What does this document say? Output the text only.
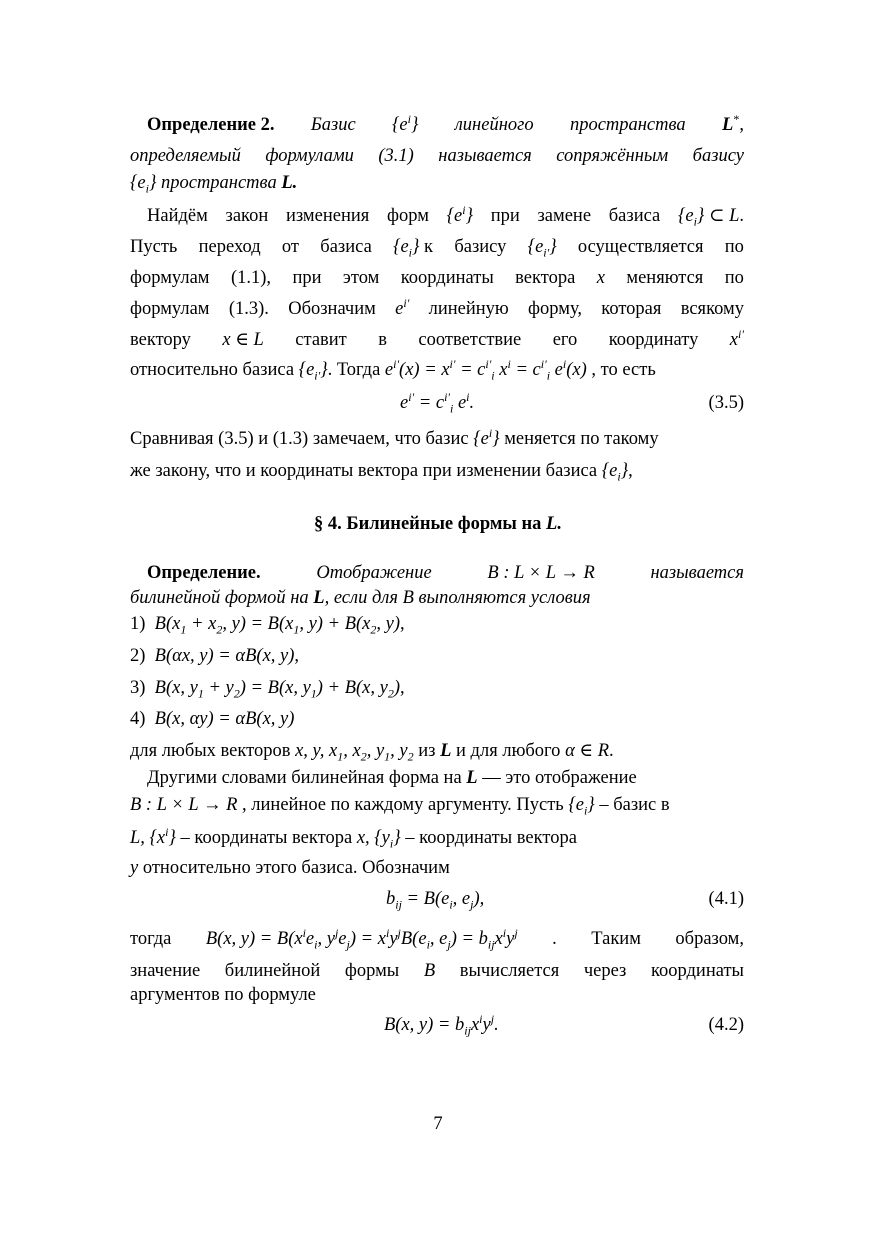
Определение 2. Базис $\{e^i\}$ линейного пространства L*,
определяемый формулами (3.1) называется сопряжённым базису
$\{e_i\}$ пространства L.
Найдём закон изменения форм $\{e^i\}$ при замене базиса $\{e_i\}$ ⊂ L.
Пусть переход от базиса $\{e_i\}$ к базису $\{e_{i'}\}$ осуществляется по
формулам (1.1), при этом координаты вектора x меняются по
формулам (1.3). Обозначим $e^{i'}$ линейную форму, которая всякому
вектору x ∈ L ставит в соответствие его координату $x^{i'}$
относительно базиса $\{e_{i'}\}$. Тогда $e^{i'}(x) = x^{i'} = c^{i'}_i$ $x^i = c^{i'}_i$ $e^i(x)$ , то есть
$e^{i'} = c^{i'}_i$ $e^i$.	(3.5)
Сравнивая (3.5) и (1.3) замечаем, что базис $\{e^i\}$ меняется по такому
же закону, что и координаты вектора при изменении базиса $\{e_i\}$,
§ 4. Билинейные формы на L.
Определение.	Отображение	B : L × L → R	называется
билинейной формой на L, если для B выполняются условия
1)  $B(x_1 + x_2$, $y) = B(x_1$, $y) + B(x_2$, y),
2)  B(αx, y) = αB(x, y),
3)  B(x, $y_1 + y_2) = B(x$, $y_1) + B(x$, $y_2$),
4)  B(x, αy) = αB(x, y)
для любых векторов x, y, $x_1$, $x_2$, $y_1$, $y_2$ из L и для любого α ∈ R.
Другими словами билинейная форма на L — это отображение
B : L × L → R , линейное по каждому аргументу. Пусть $\{e_i\}$ – базис в
L, $\{x^i\}$ – координаты вектора x, $\{y_i\}$ – координаты вектора
y относительно этого базиса. Обозначим
$b_{ij} = B(e_i$, $e_j$),	(4.1)
тогда B(x, $y) = B(x^ie_i$, $y^je_j) = x^iy^jB(e_i$, $e_j) = b_{ij}x^iy^j$ . Таким образом,
значение билинейной формы B вычисляется через координаты
аргументов по формуле
B(x, $y) = b_{ij}x^iy^j$.	(4.2)
7
